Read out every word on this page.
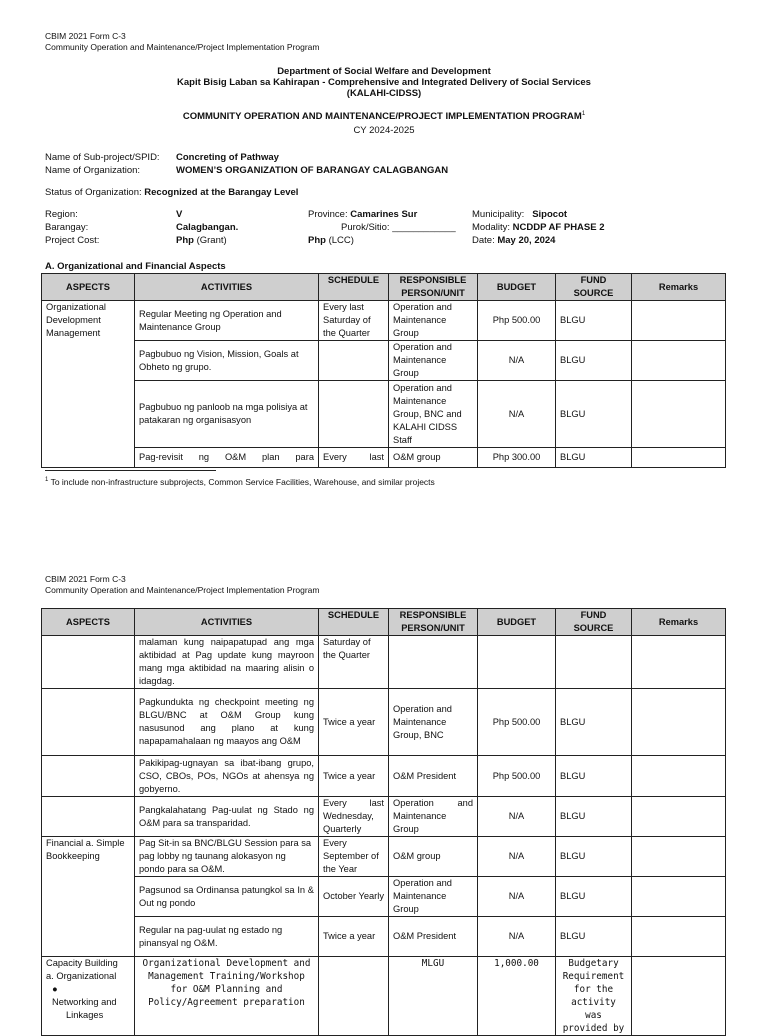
CBIM 2021 Form C-3
Community Operation and Maintenance/Project Implementation Program
Department of Social Welfare and Development
Kapit Bisig Laban sa Kahirapan - Comprehensive and Integrated Delivery of Social Services
(KALAHI-CIDSS)
COMMUNITY OPERATION AND MAINTENANCE/PROJECT IMPLEMENTATION PROGRAM$^1$
CY 2024-2025
Name of Sub-project/SPID: Concreting of Pathway
Name of Organization:	WOMEN’S ORGANIZATION OF BARANGAY CALAGBANGAN
Status of Organization: Recognized at the Barangay Level
Region:	V	Province: Camarines Sur	Municipality: Sipocot
Barangay:	Calagbangan.	Purok/Sitio: ____________ Modality: NCDDP AF PHASE 2
Project Cost:	Php (Grant)	Php (LCC)	Date: May 20, 2024
A. Organizational and Financial Aspects
ASPECTS	ACTIVITIES	SCHEDULE	RESPONSIBLE PERSON/UNIT	BUDGET	FUND SOURCE	Remarks
Organizational Development Management	Regular Meeting ng Operation and Maintenance Group	Every last Saturday of the Quarter	Operation and Maintenance Group	Php 500.00	BLGU	
	Pagbubuo ng Vision, Mission, Goals at Obheto ng grupo.		Operation and Maintenance Group	N/A	BLGU	
	Pagbubuo ng panloob na mga polisiya at patakaran ng organisasyon		Operation and Maintenance Group, BNC and KALAHI CIDSS Staff	N/A	BLGU	
	Pag-revisit ng O&M plan para	Every last	O&M group	Php 300.00	BLGU	
$^1$ To include non-infrastructure subprojects, Common Service Facilities, Warehouse, and similar projects
CBIM 2021 Form C-3
Community Operation and Maintenance/Project Implementation Program
ASPECTS	ACTIVITIES	SCHEDULE	RESPONSIBLE PERSON/UNIT	BUDGET	FUND SOURCE	Remarks
	malaman kung naipapatupad ang mga aktibidad at Pag update kung mayroon mang mga aktibidad na maaring alisin o idagdag.	Saturday of the Quarter				
	Pagkundukta ng checkpoint meeting ng BLGU/BNC at O&M Group kung nasusunod ang plano at kung napapamahalaan ng maayos ang O&M	Twice a year	Operation and Maintenance Group, BNC	Php 500.00	BLGU	
	Pakikipag-ugnayan sa ibat-ibang grupo, CSO, CBOs, POs, NGOs at ahensya ng gobyerno.	Twice a year	O&M President	Php 500.00	BLGU	
	Pangkalahatang Pag-uulat ng Stado ng O&M para sa transparidad.	Every last Wednesday, Quarterly	Operation and Maintenance Group	N/A	BLGU	
Financial a. Simple Bookkeeping	Pag Sit-in sa BNC/BLGU Session para sa pag lobby ng taunang alokasyon ng pondo para sa O&M.	Every September of the Year	O&M group	N/A	BLGU	
	Pagsunod sa Ordinansa patungkol sa In & Out ng pondo	October Yearly	Operation and Maintenance Group	N/A	BLGU	
	Regular na pag-uulat ng estado ng pinansyal ng O&M.	Twice a year	O&M President	N/A	BLGU	

Capacity Building
a. Organizational
●Networking and Linkages	Organizational Development and Management Training/Workshop for O&M Planning and Policy/Agreement preparation		MLGU	1,000.00	Budgetary Requirement for the activity was provided by	
